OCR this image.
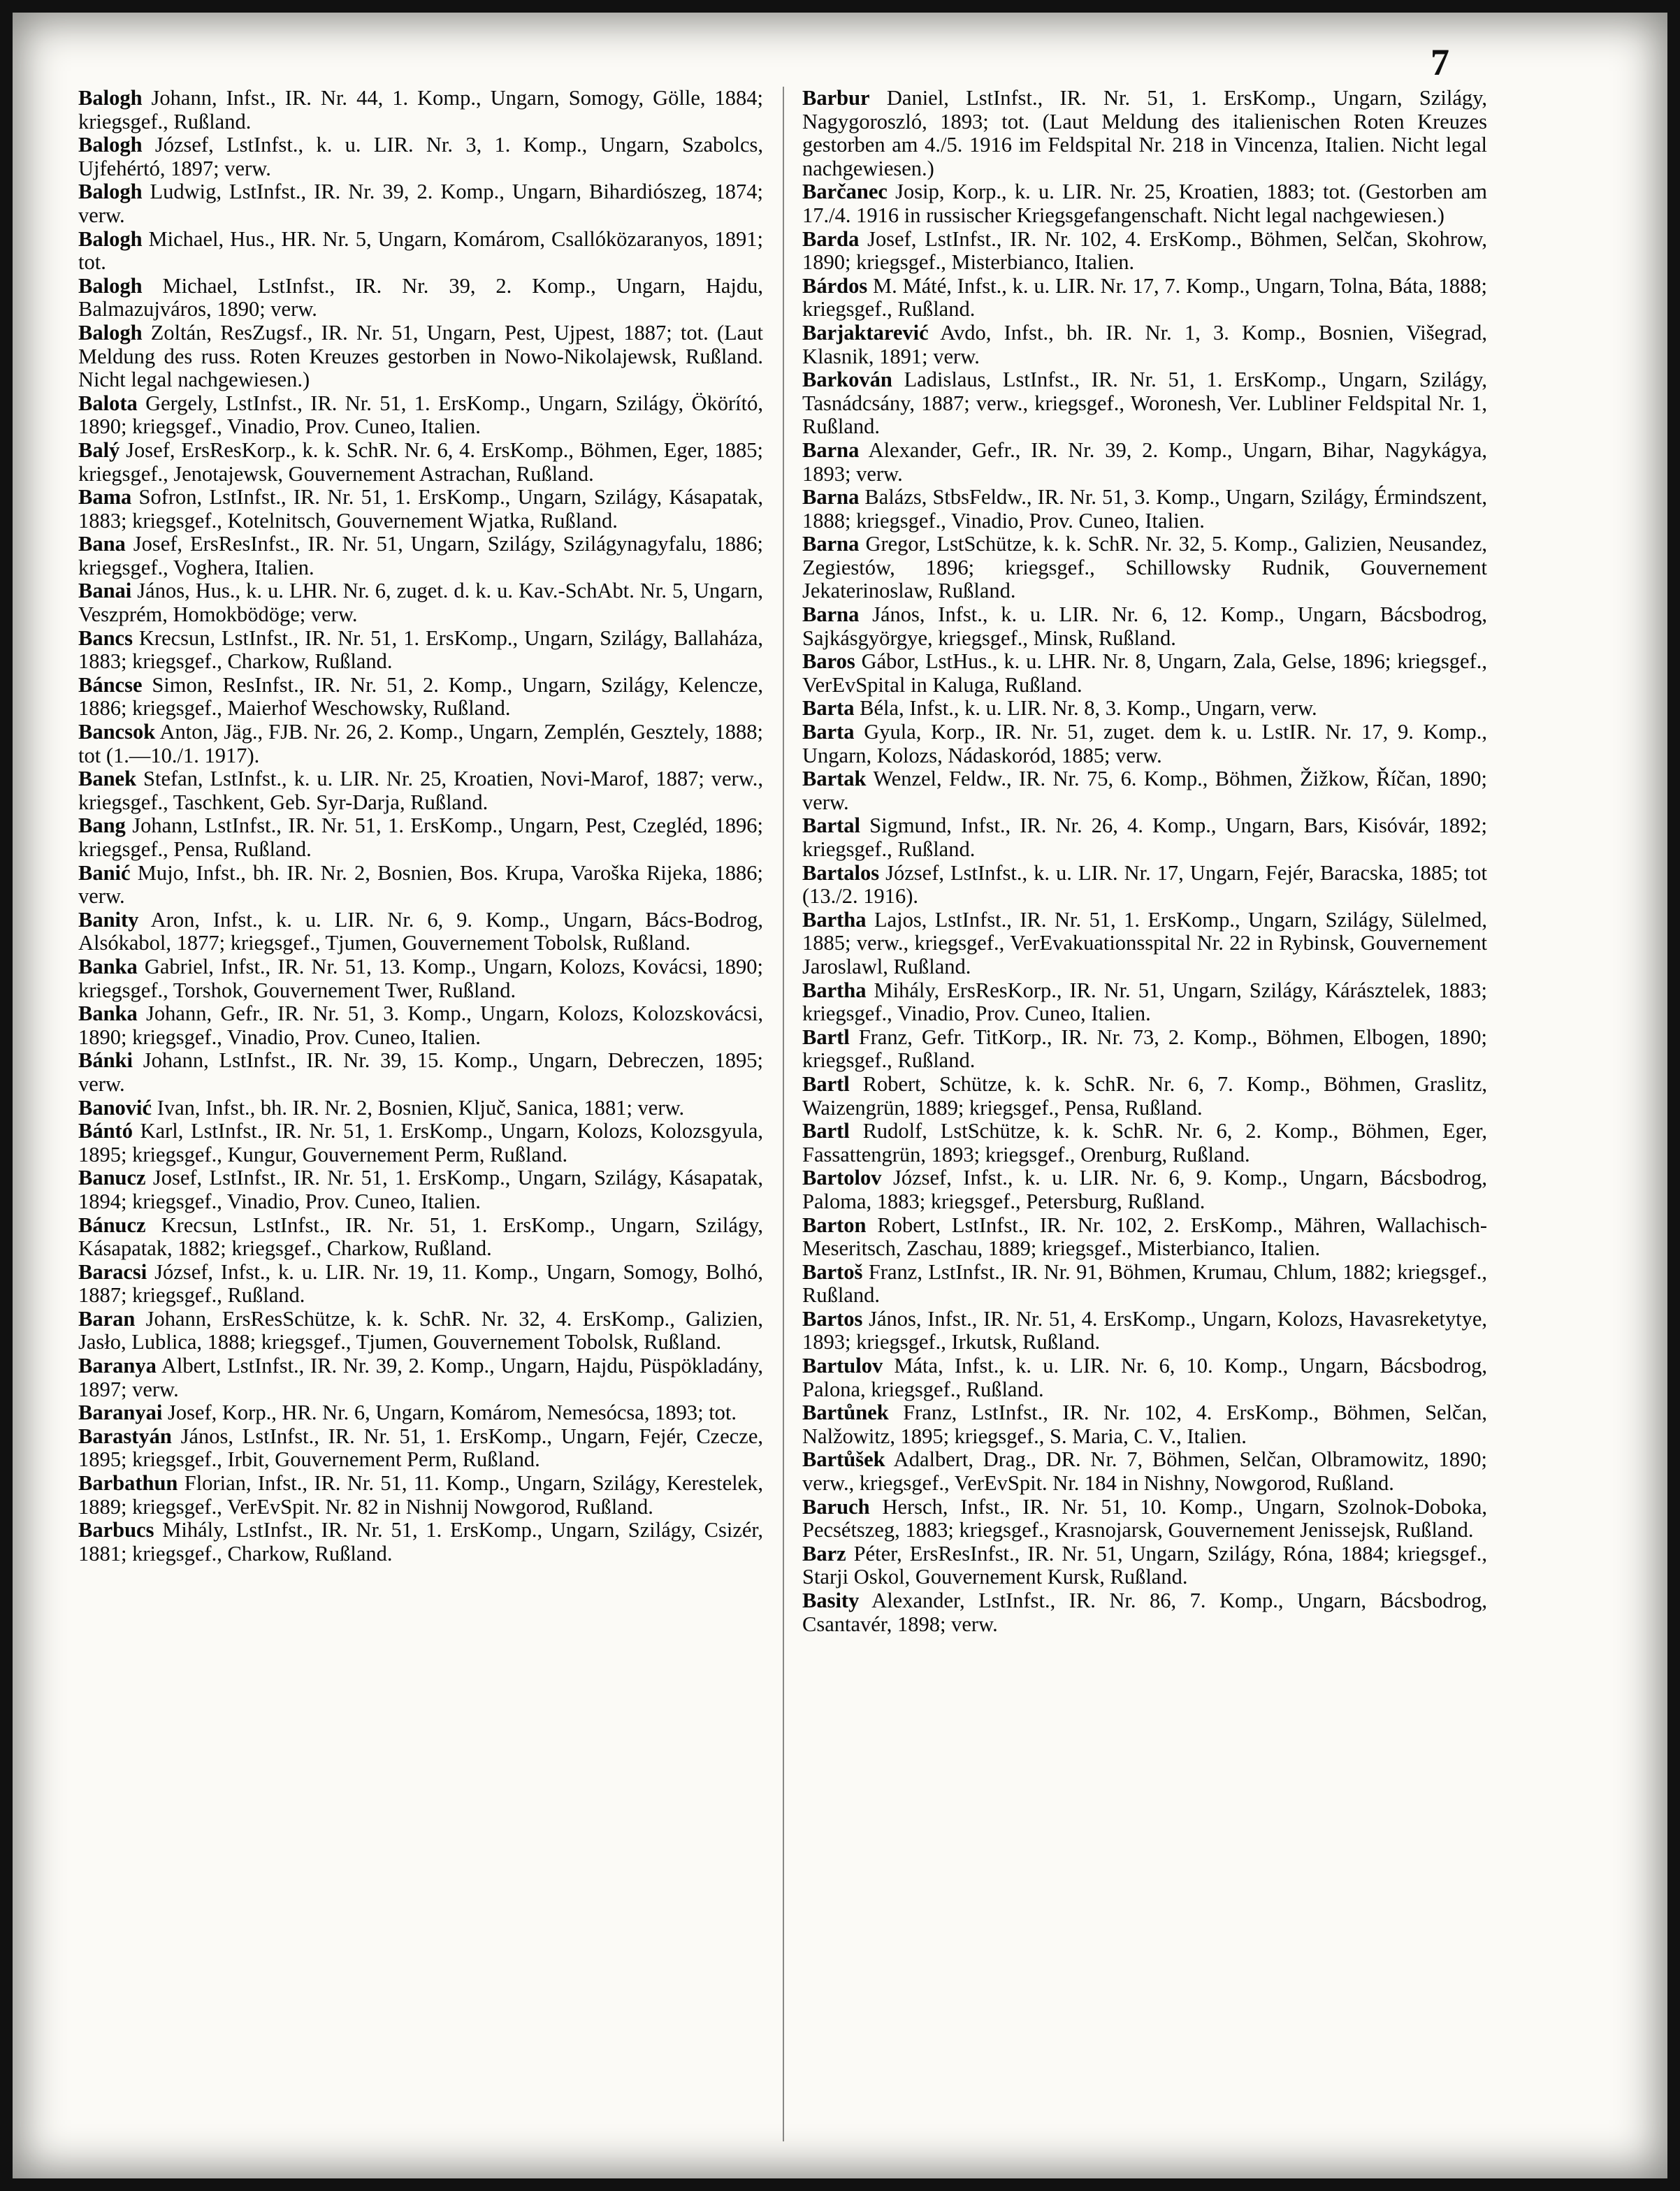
7

Balogh Johann, Infst., IR. Nr. 44, 1. Komp., Ungarn, Somogy, Gölle, 1884; kriegsgef., Rußland.

Balogh József, LstInfst., k. u. LIR. Nr. 3, 1. Komp., Ungarn, Szabolcs, Ujfehértó, 1897; verw.

Balogh Ludwig, LstInfst., IR. Nr. 39, 2. Komp., Ungarn, Bihardiószeg, 1874; verw.

Balogh Michael, Hus., HR. Nr. 5, Ungarn, Komárom, Csallóközaranyos, 1891; tot.

Balogh Michael, LstInfst., IR. Nr. 39, 2. Komp., Ungarn, Hajdu, Balmazujváros, 1890; verw.

Balogh Zoltán, ResZugsf., IR. Nr. 51, Ungarn, Pest, Ujpest, 1887; tot. (Laut Meldung des russ. Roten Kreuzes gestorben in Nowo-Nikolajewsk, Rußland. Nicht legal nachgewiesen.)

Balota Gergely, LstInfst., IR. Nr. 51, 1. ErsKomp., Ungarn, Szilágy, Ökörító, 1890; kriegsgef., Vinadio, Prov. Cuneo, Italien.

Balý Josef, ErsResKorp., k. k. SchR. Nr. 6, 4. ErsKomp., Böhmen, Eger, 1885; kriegsgef., Jenotajewsk, Gouvernement Astrachan, Rußland.

Bama Sofron, LstInfst., IR. Nr. 51, 1. ErsKomp., Ungarn, Szilágy, Kásapatak, 1883; kriegsgef., Kotelnitsch, Gouvernement Wjatka, Rußland.

Bana Josef, ErsResInfst., IR. Nr. 51, Ungarn, Szilágy, Szilágynagyfalu, 1886; kriegsgef., Voghera, Italien.

Banai János, Hus., k. u. LHR. Nr. 6, zuget. d. k. u. Kav.-SchAbt. Nr. 5, Ungarn, Veszprém, Homokbödöge; verw.

Bancs Krecsun, LstInfst., IR. Nr. 51, 1. ErsKomp., Ungarn, Szilágy, Ballaháza, 1883; kriegsgef., Charkow, Rußland.

Báncse Simon, ResInfst., IR. Nr. 51, 2. Komp., Ungarn, Szilágy, Kelencze, 1886; kriegsgef., Maierhof Weschowsky, Rußland.

Bancsok Anton, Jäg., FJB. Nr. 26, 2. Komp., Ungarn, Zemplén, Gesztely, 1888; tot (1.—10./1. 1917).

Banek Stefan, LstInfst., k. u. LIR. Nr. 25, Kroatien, Novi-Marof, 1887; verw., kriegsgef., Taschkent, Geb. Syr-Darja, Rußland.

Bang Johann, LstInfst., IR. Nr. 51, 1. ErsKomp., Ungarn, Pest, Czegléd, 1896; kriegsgef., Pensa, Rußland.

Banić Mujo, Infst., bh. IR. Nr. 2, Bosnien, Bos. Krupa, Varoška Rijeka, 1886; verw.

Banity Aron, Infst., k. u. LIR. Nr. 6, 9. Komp., Ungarn, Bács-Bodrog, Alsókabol, 1877; kriegsgef., Tjumen, Gouvernement Tobolsk, Rußland.

Banka Gabriel, Infst., IR. Nr. 51, 13. Komp., Ungarn, Kolozs, Kovácsi, 1890; kriegsgef., Torshok, Gouvernement Twer, Rußland.

Banka Johann, Gefr., IR. Nr. 51, 3. Komp., Ungarn, Kolozs, Kolozskovácsi, 1890; kriegsgef., Vinadio, Prov. Cuneo, Italien.

Bánki Johann, LstInfst., IR. Nr. 39, 15. Komp., Ungarn, Debreczen, 1895; verw.

Banović Ivan, Infst., bh. IR. Nr. 2, Bosnien, Ključ, Sanica, 1881; verw.

Bántó Karl, LstInfst., IR. Nr. 51, 1. ErsKomp., Ungarn, Kolozs, Kolozsgyula, 1895; kriegsgef., Kungur, Gouvernement Perm, Rußland.

Banucz Josef, LstInfst., IR. Nr. 51, 1. ErsKomp., Ungarn, Szilágy, Kásapatak, 1894; kriegsgef., Vinadio, Prov. Cuneo, Italien.

Bánucz Krecsun, LstInfst., IR. Nr. 51, 1. ErsKomp., Ungarn, Szilágy, Kásapatak, 1882; kriegsgef., Charkow, Rußland.

Baracsi József, Infst., k. u. LIR. Nr. 19, 11. Komp., Ungarn, Somogy, Bolhó, 1887; kriegsgef., Rußland.

Baran Johann, ErsResSchütze, k. k. SchR. Nr. 32, 4. ErsKomp., Galizien, Jasło, Lublica, 1888; kriegsgef., Tjumen, Gouvernement Tobolsk, Rußland.

Baranya Albert, LstInfst., IR. Nr. 39, 2. Komp., Ungarn, Hajdu, Püspökladány, 1897; verw.

Baranyai Josef, Korp., HR. Nr. 6, Ungarn, Komárom, Nemesócsa, 1893; tot.

Barastyán János, LstInfst., IR. Nr. 51, 1. ErsKomp., Ungarn, Fejér, Czecze, 1895; kriegsgef., Irbit, Gouvernement Perm, Rußland.

Barbathun Florian, Infst., IR. Nr. 51, 11. Komp., Ungarn, Szilágy, Kerestelek, 1889; kriegsgef., VerEvSpit. Nr. 82 in Nishnij Nowgorod, Rußland.

Barbucs Mihály, LstInfst., IR. Nr. 51, 1. ErsKomp., Ungarn, Szilágy, Csizér, 1881; kriegsgef., Charkow, Rußland.

Barbur Daniel, LstInfst., IR. Nr. 51, 1. ErsKomp., Ungarn, Szilágy, Nagygoroszló, 1893; tot. (Laut Meldung des italienischen Roten Kreuzes gestorben am 4./5. 1916 im Feldspital Nr. 218 in Vincenza, Italien. Nicht legal nachgewiesen.)

Barčanec Josip, Korp., k. u. LIR. Nr. 25, Kroatien, 1883; tot. (Gestorben am 17./4. 1916 in russischer Kriegsgefangenschaft. Nicht legal nachgewiesen.)

Barda Josef, LstInfst., IR. Nr. 102, 4. ErsKomp., Böhmen, Selčan, Skohrow, 1890; kriegsgef., Misterbianco, Italien.

Bárdos M. Máté, Infst., k. u. LIR. Nr. 17, 7. Komp., Ungarn, Tolna, Báta, 1888; kriegsgef., Rußland.

Barjaktarević Avdo, Infst., bh. IR. Nr. 1, 3. Komp., Bosnien, Višegrad, Klasnik, 1891; verw.

Barkován Ladislaus, LstInfst., IR. Nr. 51, 1. ErsKomp., Ungarn, Szilágy, Tasnádcsány, 1887; verw., kriegsgef., Woronesh, Ver. Lubliner Feldspital Nr. 1, Rußland.

Barna Alexander, Gefr., IR. Nr. 39, 2. Komp., Ungarn, Bihar, Nagykágya, 1893; verw.

Barna Balázs, StbsFeldw., IR. Nr. 51, 3. Komp., Ungarn, Szilágy, Érmindszent, 1888; kriegsgef., Vinadio, Prov. Cuneo, Italien.

Barna Gregor, LstSchütze, k. k. SchR. Nr. 32, 5. Komp., Galizien, Neusandez, Zegiestów, 1896; kriegsgef., Schillowsky Rudnik, Gouvernement Jekaterinoslaw, Rußland.

Barna János, Infst., k. u. LIR. Nr. 6, 12. Komp., Ungarn, Bácsbodrog, Sajkásgyörgye, kriegsgef., Minsk, Rußland.

Baros Gábor, LstHus., k. u. LHR. Nr. 8, Ungarn, Zala, Gelse, 1896; kriegsgef., VerEvSpital in Kaluga, Rußland.

Barta Béla, Infst., k. u. LIR. Nr. 8, 3. Komp., Ungarn, verw.

Barta Gyula, Korp., IR. Nr. 51, zuget. dem k. u. LstIR. Nr. 17, 9. Komp., Ungarn, Kolozs, Nádaskoród, 1885; verw.

Bartak Wenzel, Feldw., IR. Nr. 75, 6. Komp., Böhmen, Žižkow, Říčan, 1890; verw.

Bartal Sigmund, Infst., IR. Nr. 26, 4. Komp., Ungarn, Bars, Kisóvár, 1892; kriegsgef., Rußland.

Bartalos József, LstInfst., k. u. LIR. Nr. 17, Ungarn, Fejér, Baracska, 1885; tot (13./2. 1916).

Bartha Lajos, LstInfst., IR. Nr. 51, 1. ErsKomp., Ungarn, Szilágy, Sülelmed, 1885; verw., kriegsgef., VerEvakuationsspital Nr. 22 in Rybinsk, Gouvernement Jaroslawl, Rußland.

Bartha Mihály, ErsResKorp., IR. Nr. 51, Ungarn, Szilágy, Kárásztelek, 1883; kriegsgef., Vinadio, Prov. Cuneo, Italien.

Bartl Franz, Gefr. TitKorp., IR. Nr. 73, 2. Komp., Böhmen, Elbogen, 1890; kriegsgef., Rußland.

Bartl Robert, Schütze, k. k. SchR. Nr. 6, 7. Komp., Böhmen, Graslitz, Waizengrün, 1889; kriegsgef., Pensa, Rußland.

Bartl Rudolf, LstSchütze, k. k. SchR. Nr. 6, 2. Komp., Böhmen, Eger, Fassattengrün, 1893; kriegsgef., Orenburg, Rußland.

Bartolov József, Infst., k. u. LIR. Nr. 6, 9. Komp., Ungarn, Bácsbodrog, Paloma, 1883; kriegsgef., Petersburg, Rußland.

Barton Robert, LstInfst., IR. Nr. 102, 2. ErsKomp., Mähren, Wallachisch-Meseritsch, Zaschau, 1889; kriegsgef., Misterbianco, Italien.

Bartoš Franz, LstInfst., IR. Nr. 91, Böhmen, Krumau, Chlum, 1882; kriegsgef., Rußland.

Bartos János, Infst., IR. Nr. 51, 4. ErsKomp., Ungarn, Kolozs, Havasreketytye, 1893; kriegsgef., Irkutsk, Rußland.

Bartulov Máta, Infst., k. u. LIR. Nr. 6, 10. Komp., Ungarn, Bácsbodrog, Palona, kriegsgef., Rußland.

Bartůnek Franz, LstInfst., IR. Nr. 102, 4. ErsKomp., Böhmen, Selčan, Nalžowitz, 1895; kriegsgef., S. Maria, C. V., Italien.

Bartůšek Adalbert, Drag., DR. Nr. 7, Böhmen, Selčan, Olbramowitz, 1890; verw., kriegsgef., VerEvSpit. Nr. 184 in Nishny, Nowgorod, Rußland.

Baruch Hersch, Infst., IR. Nr. 51, 10. Komp., Ungarn, Szolnok-Doboka, Pecsétszeg, 1883; kriegsgef., Krasnojarsk, Gouvernement Jenissejsk, Rußland.

Barz Péter, ErsResInfst., IR. Nr. 51, Ungarn, Szilágy, Róna, 1884; kriegsgef., Starji Oskol, Gouvernement Kursk, Rußland.

Basity Alexander, LstInfst., IR. Nr. 86, 7. Komp., Ungarn, Bácsbodrog, Csantavér, 1898; verw.
